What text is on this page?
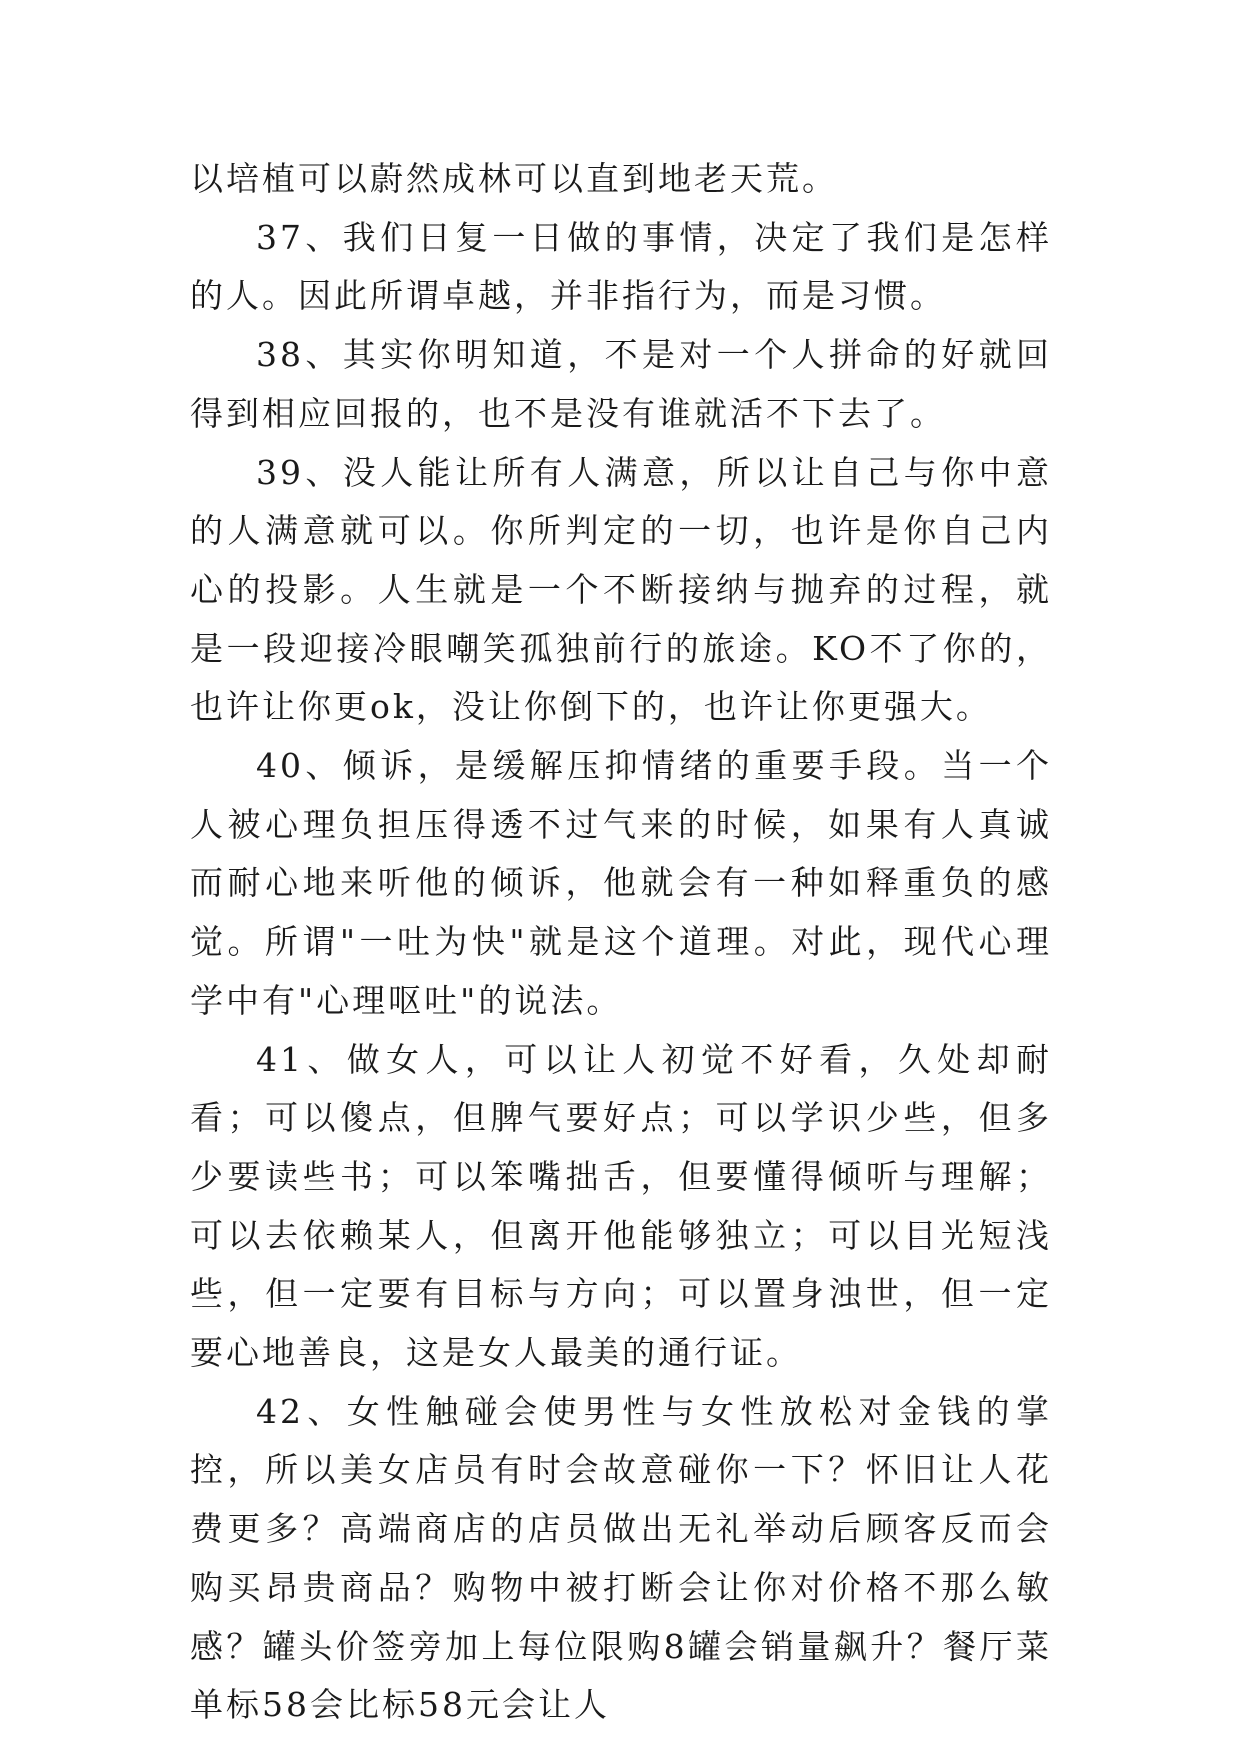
以培植可以蔚然成林可以直到地老天荒。

37、我们日复一日做的事情，决定了我们是怎样的人。因此所谓卓越，并非指行为，而是习惯。

38、其实你明知道，不是对一个人拼命的好就回得到相应回报的，也不是没有谁就活不下去了。

39、没人能让所有人满意，所以让自己与你中意的人满意就可以。你所判定的一切，也许是你自己内心的投影。人生就是一个不断接纳与抛弃的过程，就是一段迎接冷眼嘲笑孤独前行的旅途。KO不了你的，也许让你更ok，没让你倒下的，也许让你更强大。

40、倾诉，是缓解压抑情绪的重要手段。当一个人被心理负担压得透不过气来的时候，如果有人真诚而耐心地来听他的倾诉，他就会有一种如释重负的感觉。所谓"一吐为快"就是这个道理。对此，现代心理学中有"心理呕吐"的说法。

41、做女人，可以让人初觉不好看，久处却耐看；可以傻点，但脾气要好点；可以学识少些，但多少要读些书；可以笨嘴拙舌，但要懂得倾听与理解；可以去依赖某人，但离开他能够独立；可以目光短浅些，但一定要有目标与方向；可以置身浊世，但一定要心地善良，这是女人最美的通行证。

42、女性触碰会使男性与女性放松对金钱的掌控，所以美女店员有时会故意碰你一下？怀旧让人花费更多？高端商店的店员做出无礼举动后顾客反而会购买昂贵商品？购物中被打断会让你对价格不那么敏感？罐头价签旁加上每位限购8罐会销量飙升？餐厅菜单标58会比标58元会让人
